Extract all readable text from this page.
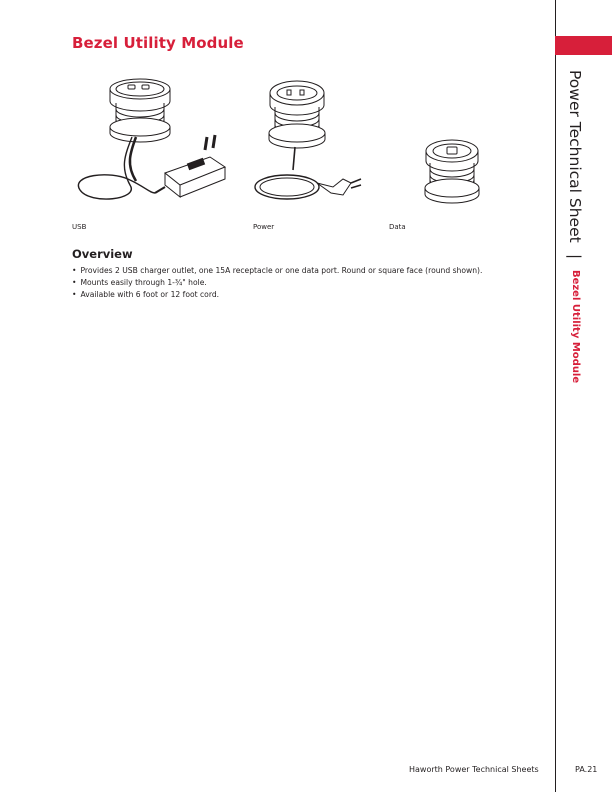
Bezel Utility Module
USB	Power	Data
Overview
• Provides 2 USB charger outlet, one 15A receptacle or one data port. Round or square face (round shown).
• Mounts easily through 1-¾" hole.
• Available with 6 foot or 12 foot cord.
Power Technical Sheet | Bezel Utility Module
Haworth Power Technical Sheets	PA.21
